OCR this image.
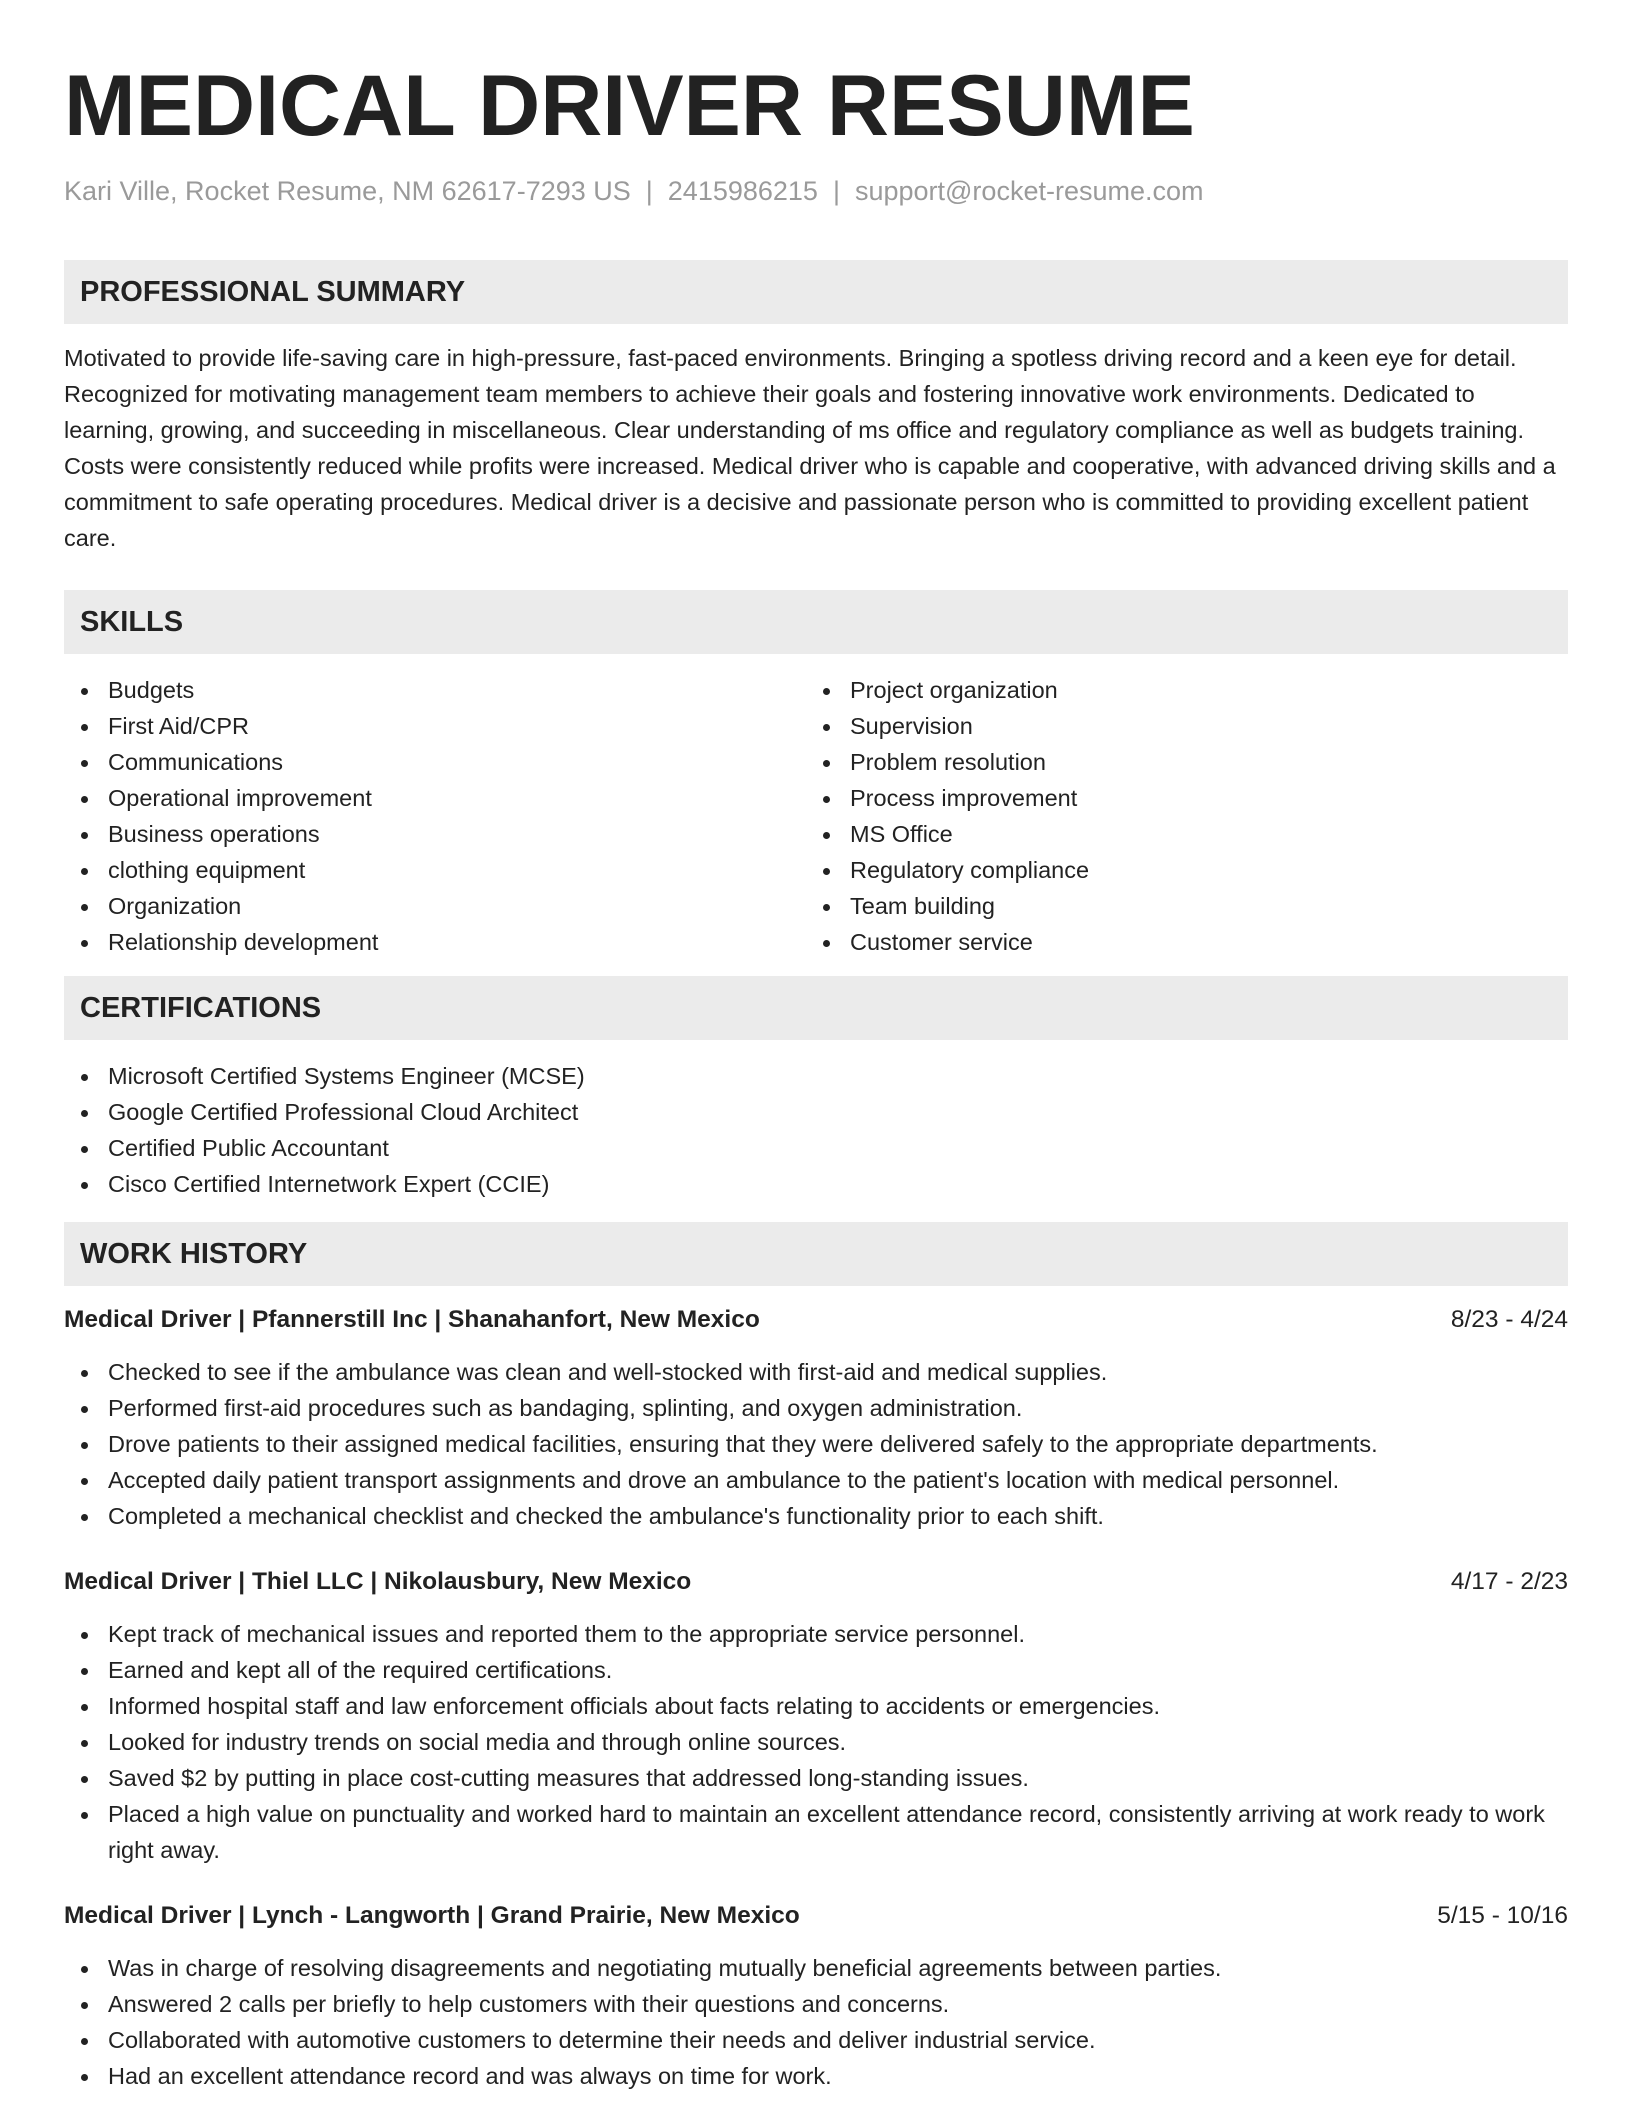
MEDICAL DRIVER RESUME
Kari Ville, Rocket Resume, NM 62617-7293 US | 2415986215 | support@rocket-resume.com
PROFESSIONAL SUMMARY

Motivated to provide life-saving care in high-pressure, fast-paced environments. Bringing a spotless driving record and a keen eye for detail. Recognized for motivating management team members to achieve their goals and fostering innovative work environments. Dedicated to learning, growing, and succeeding in miscellaneous. Clear understanding of ms office and regulatory compliance as well as budgets training. Costs were consistently reduced while profits were increased. Medical driver who is capable and cooperative, with advanced driving skills and a commitment to safe operating procedures. Medical driver is a decisive and passionate person who is committed to providing excellent patient care.

SKILLS
Budgets
First Aid/CPR
Communications
Operational improvement
Business operations
clothing equipment
Organization
Relationship development
Project organization
Supervision
Problem resolution
Process improvement
MS Office
Regulatory compliance
Team building
Customer service
CERTIFICATIONS
Microsoft Certified Systems Engineer (MCSE)
Google Certified Professional Cloud Architect
Certified Public Accountant
Cisco Certified Internetwork Expert (CCIE)
WORK HISTORY
Medical Driver | Pfannerstill Inc | Shanahanfort, New Mexico	8/23 - 4/24
Checked to see if the ambulance was clean and well-stocked with first-aid and medical supplies.
Performed first-aid procedures such as bandaging, splinting, and oxygen administration.
Drove patients to their assigned medical facilities, ensuring that they were delivered safely to the appropriate departments.
Accepted daily patient transport assignments and drove an ambulance to the patient's location with medical personnel.
Completed a mechanical checklist and checked the ambulance's functionality prior to each shift.
Medical Driver | Thiel LLC | Nikolausbury, New Mexico	4/17 - 2/23
Kept track of mechanical issues and reported them to the appropriate service personnel.
Earned and kept all of the required certifications.
Informed hospital staff and law enforcement officials about facts relating to accidents or emergencies.
Looked for industry trends on social media and through online sources.
Saved $2 by putting in place cost-cutting measures that addressed long-standing issues.
Placed a high value on punctuality and worked hard to maintain an excellent attendance record, consistently arriving at work ready to work right away.
Medical Driver | Lynch - Langworth | Grand Prairie, New Mexico	5/15 - 10/16
Was in charge of resolving disagreements and negotiating mutually beneficial agreements between parties.
Answered 2 calls per briefly to help customers with their questions and concerns.
Collaborated with automotive customers to determine their needs and deliver industrial service.
Had an excellent attendance record and was always on time for work.
